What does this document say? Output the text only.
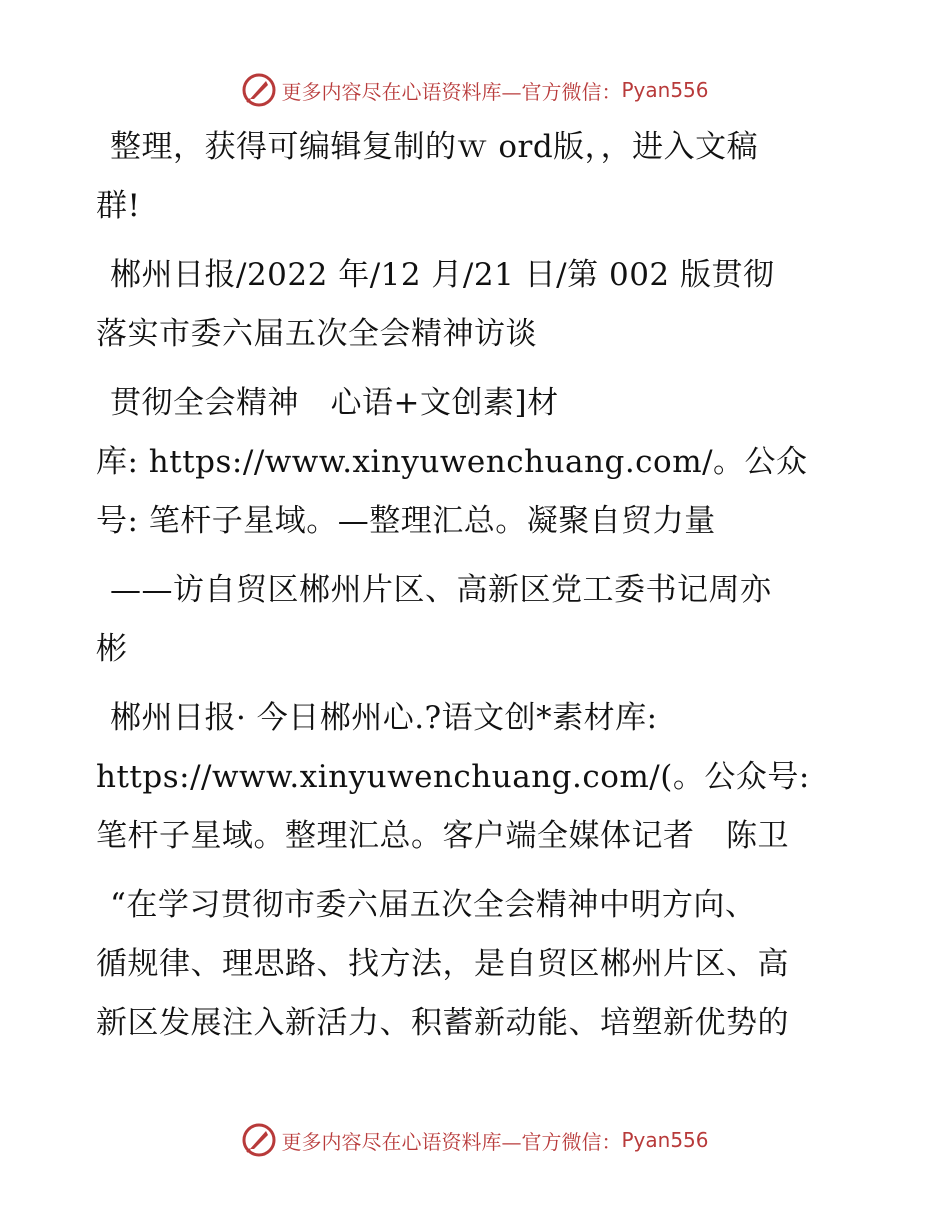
更多内容尽在心语资料库—官方微信： Pyan556
整理，获得可编辑复制的ｗ ord版，，进入文稿
群!
郴州日报/2022 年/12 月/21 日/第 002 版贯彻
落实市委六届五次全会精神访谈
贯彻全会精神　心语+文创素]材
库: https://www.xinyuwenchuang.com/。公众
号: 笔杆子星域。—整理汇总。凝聚自贸力量
——访自贸区郴州片区、高新区党工委书记周亦
彬
郴州日报· 今日郴州心.?语文创*素材库:
https://www.xinyuwenchuang.com/(。公众号:
笔杆子星域。整理汇总。客户端全媒体记者　陈卫
“在学习贯彻市委六届五次全会精神中明方向、
循规律、理思路、找方法，是自贸区郴州片区、高
新区发展注入新活力、积蓄新动能、培塑新优势的
更多内容尽在心语资料库—官方微信： Pyan556
